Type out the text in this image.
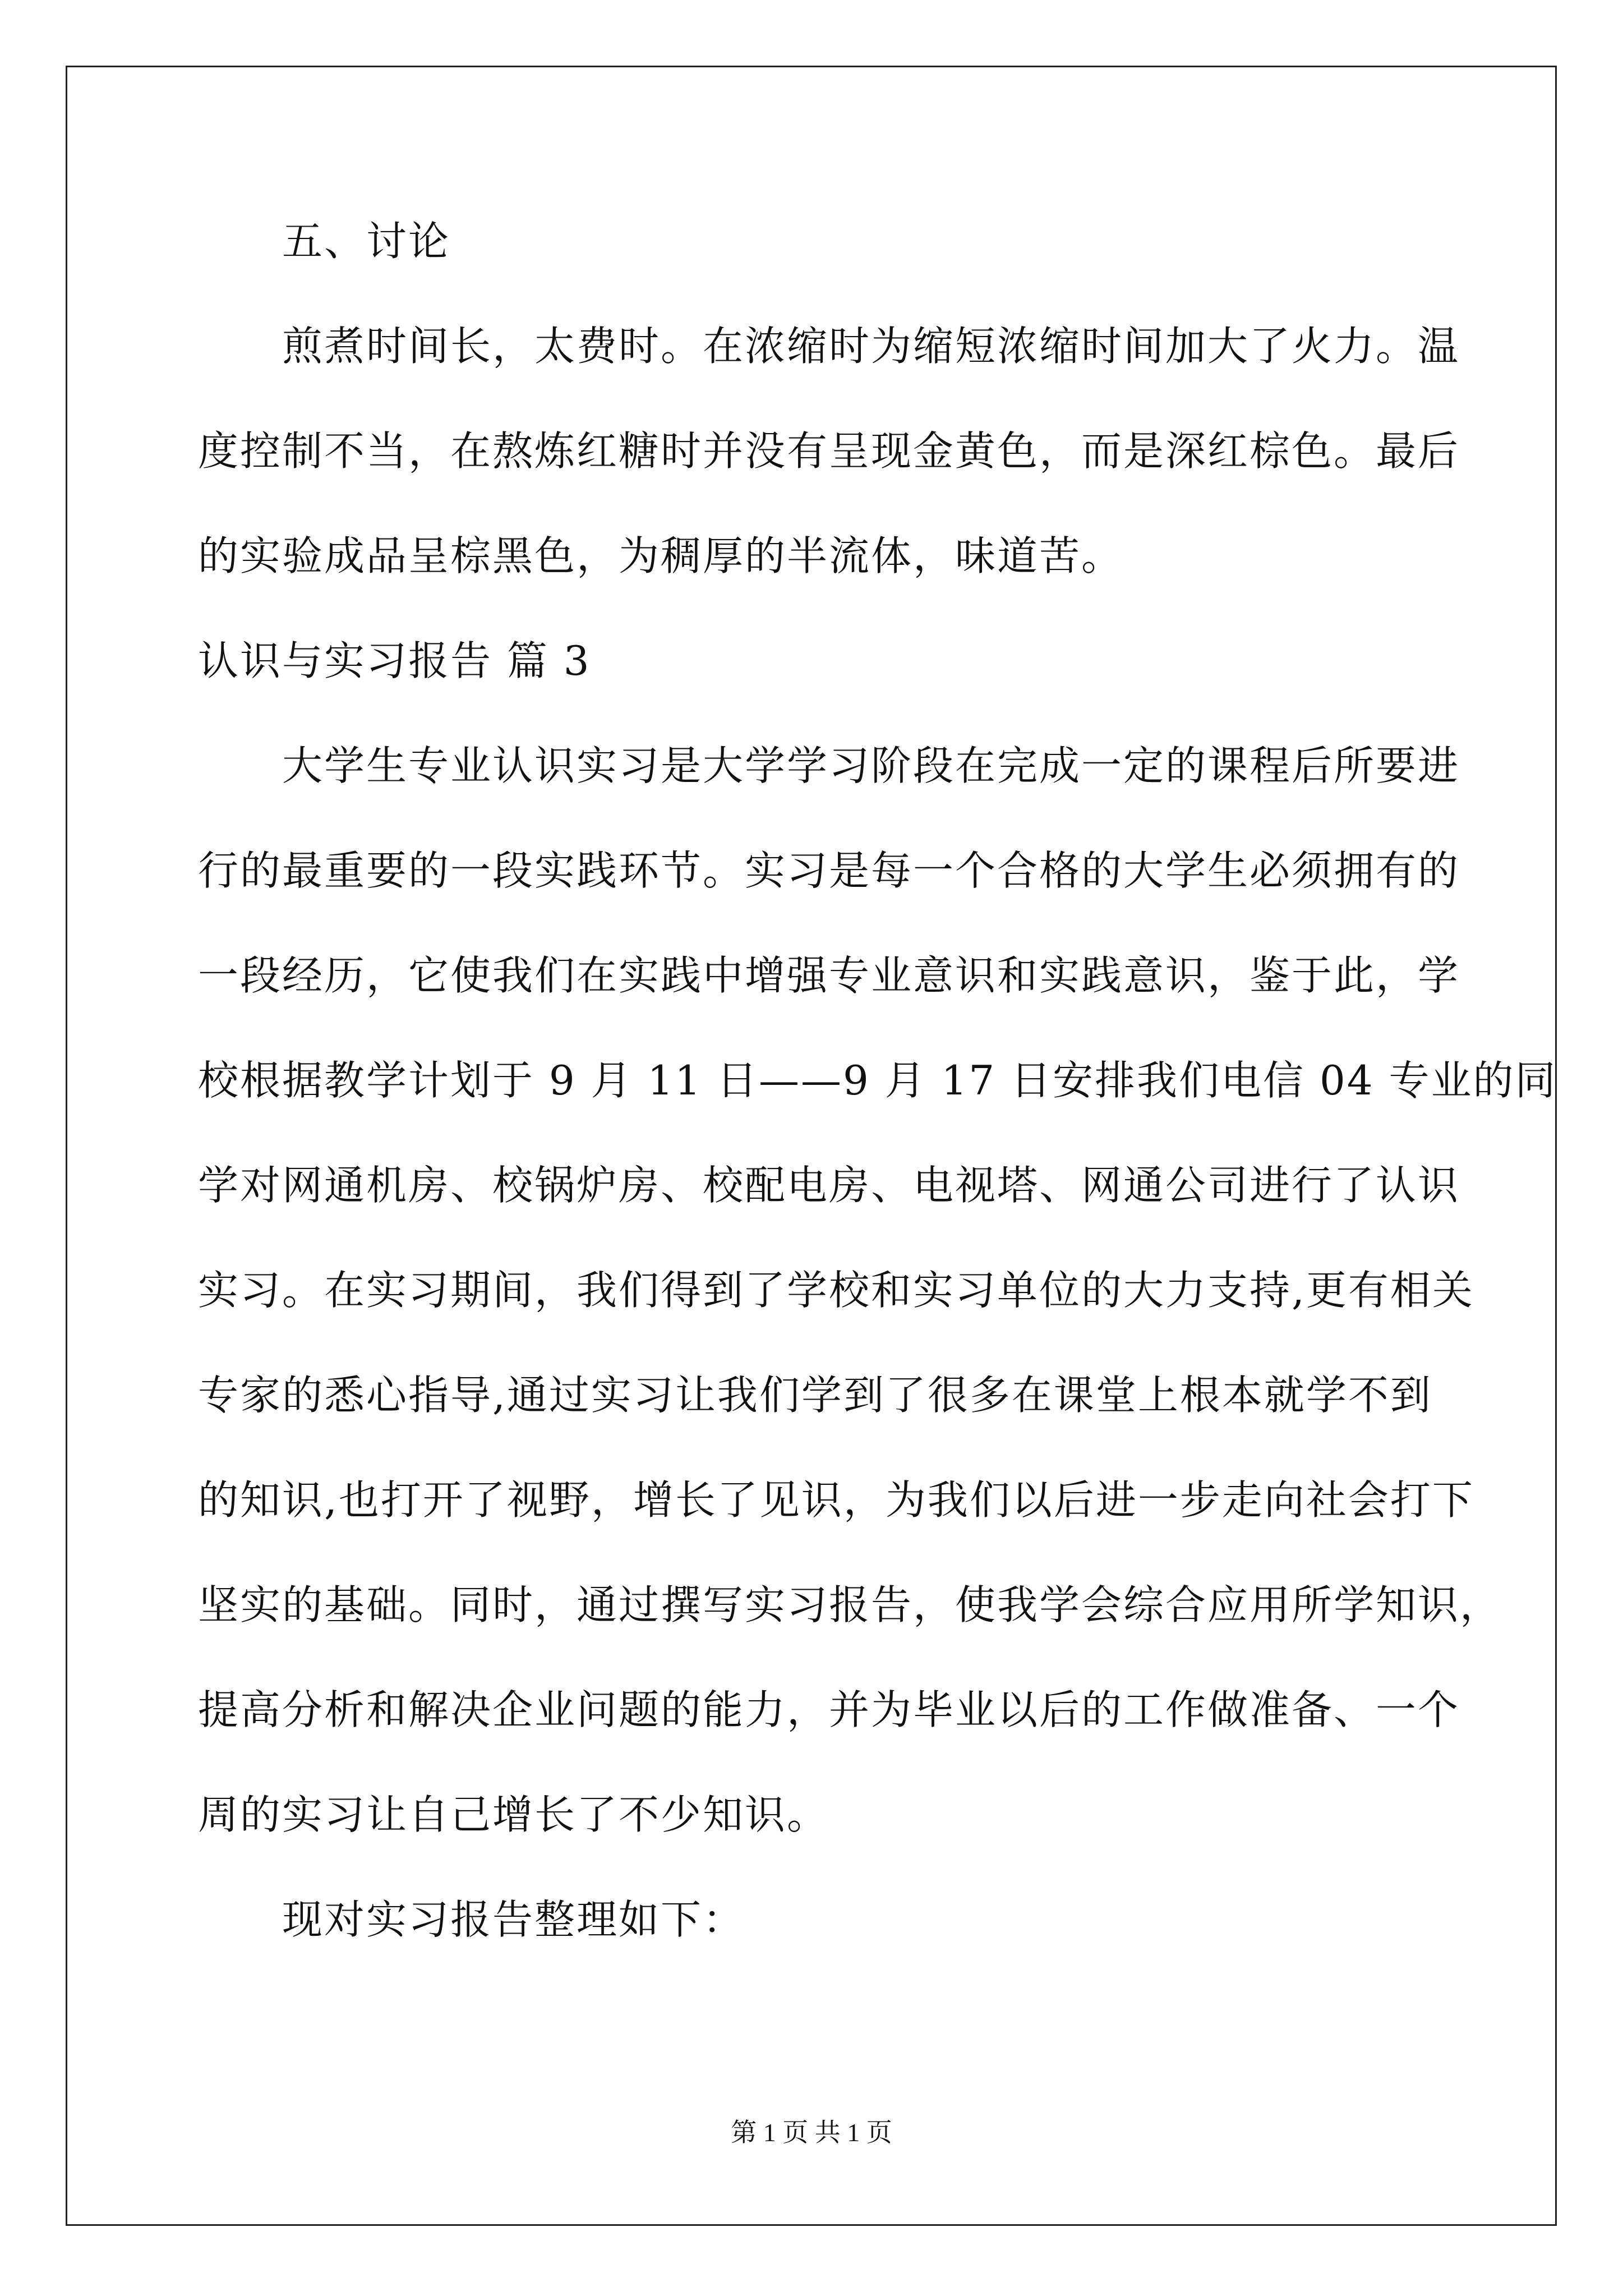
五、讨论
煎煮时间长，太费时。在浓缩时为缩短浓缩时间加大了火力。温
度控制不当，在熬炼红糖时并没有呈现金黄色，而是深红棕色。最后
的实验成品呈棕黑色，为稠厚的半流体，味道苦。
认识与实习报告 篇 3
大学生专业认识实习是大学学习阶段在完成一定的课程后所要进
行的最重要的一段实践环节。实习是每一个合格的大学生必须拥有的
一段经历，它使我们在实践中增强专业意识和实践意识，鉴于此，学
校根据教学计划于 9 月 11 日——9 月 17 日安排我们电信 04 专业的同
学对网通机房、校锅炉房、校配电房、电视塔、网通公司进行了认识
实习。在实习期间，我们得到了学校和实习单位的大力支持,更有相关
专家的悉心指导,通过实习让我们学到了很多在课堂上根本就学不到
的知识,也打开了视野，增长了见识，为我们以后进一步走向社会打下
坚实的基础。同时，通过撰写实习报告，使我学会综合应用所学知识，
提高分析和解决企业问题的能力，并为毕业以后的工作做准备、一个
周的实习让自己增长了不少知识。
现对实习报告整理如下：
第 1 页 共 1 页
